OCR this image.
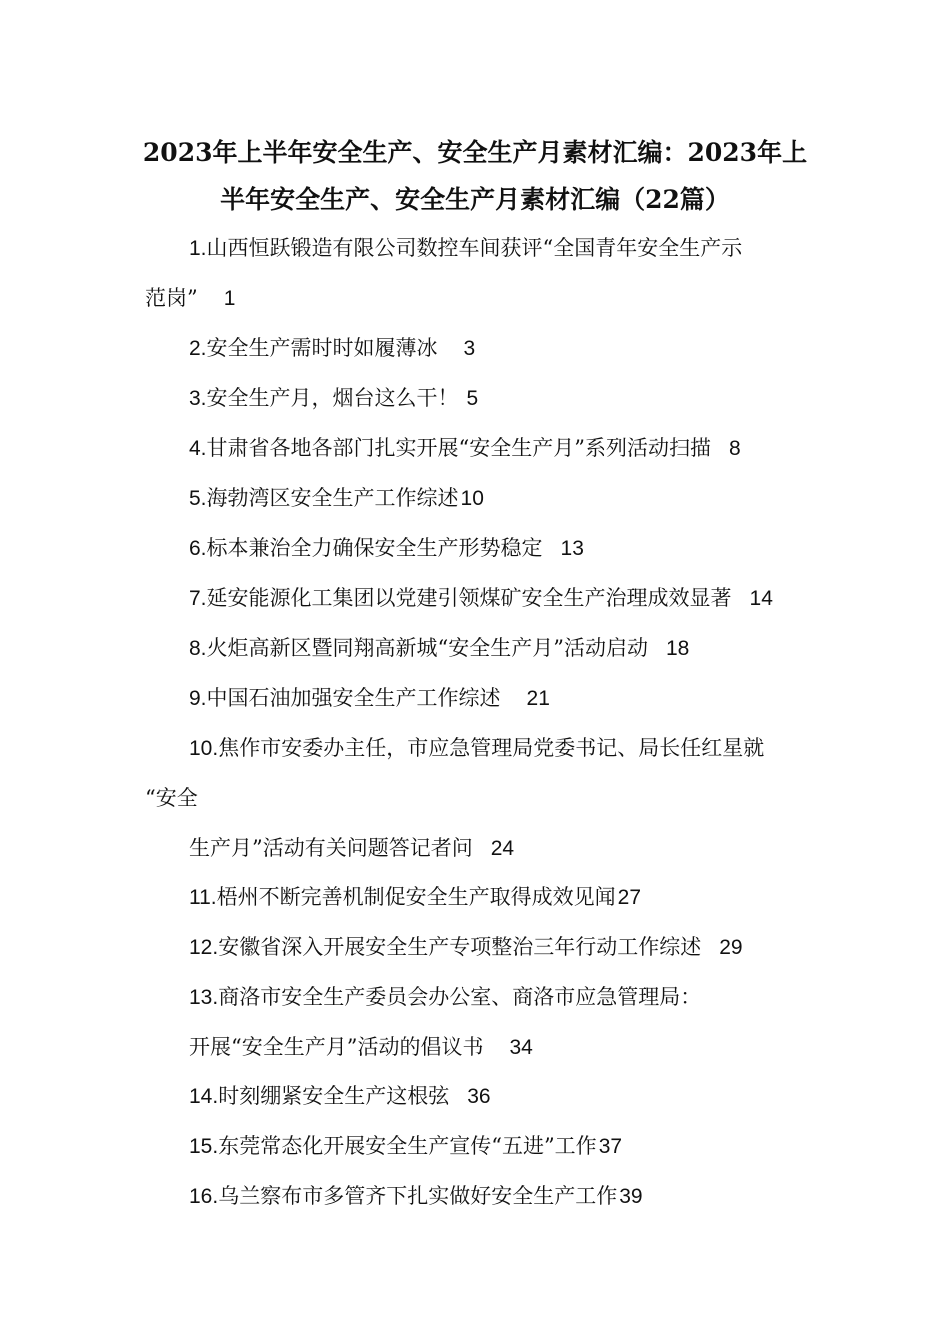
2023年上半年安全生产、安全生产月素材汇编：2023年上
半年安全生产、安全生产月素材汇编（22篇）
1.山西恒跃锻造有限公司数控车间获评“全国青年安全生产示
范岗” 1
2.安全生产需时时如履薄冰 3
3.安全生产月，烟台这么干！ 5
4.甘肃省各地各部门扎实开展“安全生产月”系列活动扫描 8
5.海勃湾区安全生产工作综述10
6.标本兼治全力确保安全生产形势稳定 13
7.延安能源化工集团以党建引领煤矿安全生产治理成效显著 14
8.火炬高新区暨同翔高新城“安全生产月”活动启动 18
9.中国石油加强安全生产工作综述 21
10.焦作市安委办主任，市应急管理局党委书记、局长任红星就
“安全
生产月”活动有关问题答记者问 24
11.梧州不断完善机制促安全生产取得成效见闻27
12.安徽省深入开展安全生产专项整治三年行动工作综述 29
13.商洛市安全生产委员会办公室、商洛市应急管理局：
开展“安全生产月”活动的倡议书 34
14.时刻绷紧安全生产这根弦 36
15.东莞常态化开展安全生产宣传“五进”工作37
16.乌兰察布市多管齐下扎实做好安全生产工作39
